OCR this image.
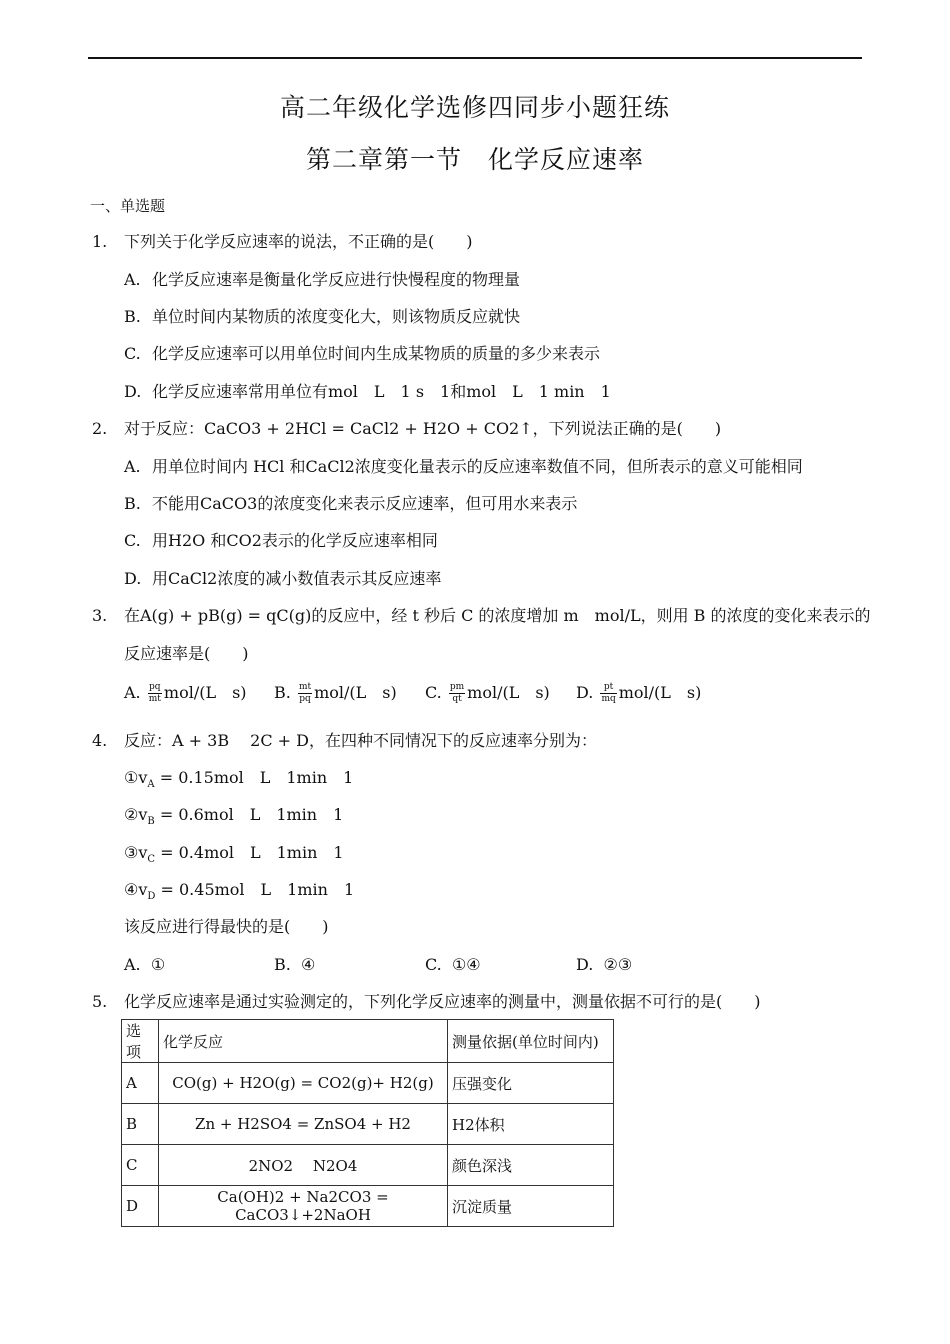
高二年级化学选修四同步小题狂练
第二章第一节　化学反应速率
一、单选题
1. 下列关于化学反应速率的说法，不正确的是(　　)
A. 化学反应速率是衡量化学反应进行快慢程度的物理量
B. 单位时间内某物质的浓度变化大，则该物质反应就快
C. 化学反应速率可以用单位时间内生成某物质的质量的多少来表示
D. 化学反应速率常用单位有mol　L　1 s　1和mol　L　1 min　1
2. 对于反应：CaCO3 + 2HCl = CaCl2 + H2O + CO2↑，下列说法正确的是(　　)
A. 用单位时间内 HCl 和CaCl2浓度变化量表示的反应速率数值不同，但所表示的意义可能相同
B. 不能用CaCO3的浓度变化来表示反应速率，但可用水来表示
C. 用H2O 和CO2表示的化学反应速率相同
D. 用CaCl2浓度的减小数值表示其反应速率
3. 在A(g) + pB(g) = qC(g)的反应中，经 t 秒后 C 的浓度增加 m　mol/L，则用 B 的浓度的变化来表示的
反应速率是(　　)
A. $\frac{pq}{mt} mol/(L$　s) B. $\frac{mt}{pq} mol/(L$　s) C. $\frac{pm}{qt} mol/(L$　s) D. $\frac{pt}{mq} mol/(L$　s)
4. 反应：A + 3B　 2C + D，在四种不同情况下的反应速率分别为：
$①v_A = 0.15mol$　L　1min　1
$②v_B = 0.6mol$　L　1min　1
$③v_C = 0.4mol$　L　1min　1
$④v_D = 0.45mol$　L　1min　1
该反应进行得最快的是(　　)
A. ①	B. ④	C. ①④	D. ②③
5. 化学反应速率是通过实验测定的，下列化学反应速率的测量中，测量依据不可行的是(　　)
选项	化学反应	测量依据(单位时间内)
A	CO(g) + H2O(g) = CO2(g)+ H2(g)	压强变化
B	Zn + H2SO4 = ZnSO4 + H2	H2体积
C	2NO2　 N2O4	颜色深浅
D	Ca(OH)2 + Na2CO3 = CaCO3↓+2NaOH	沉淀质量
